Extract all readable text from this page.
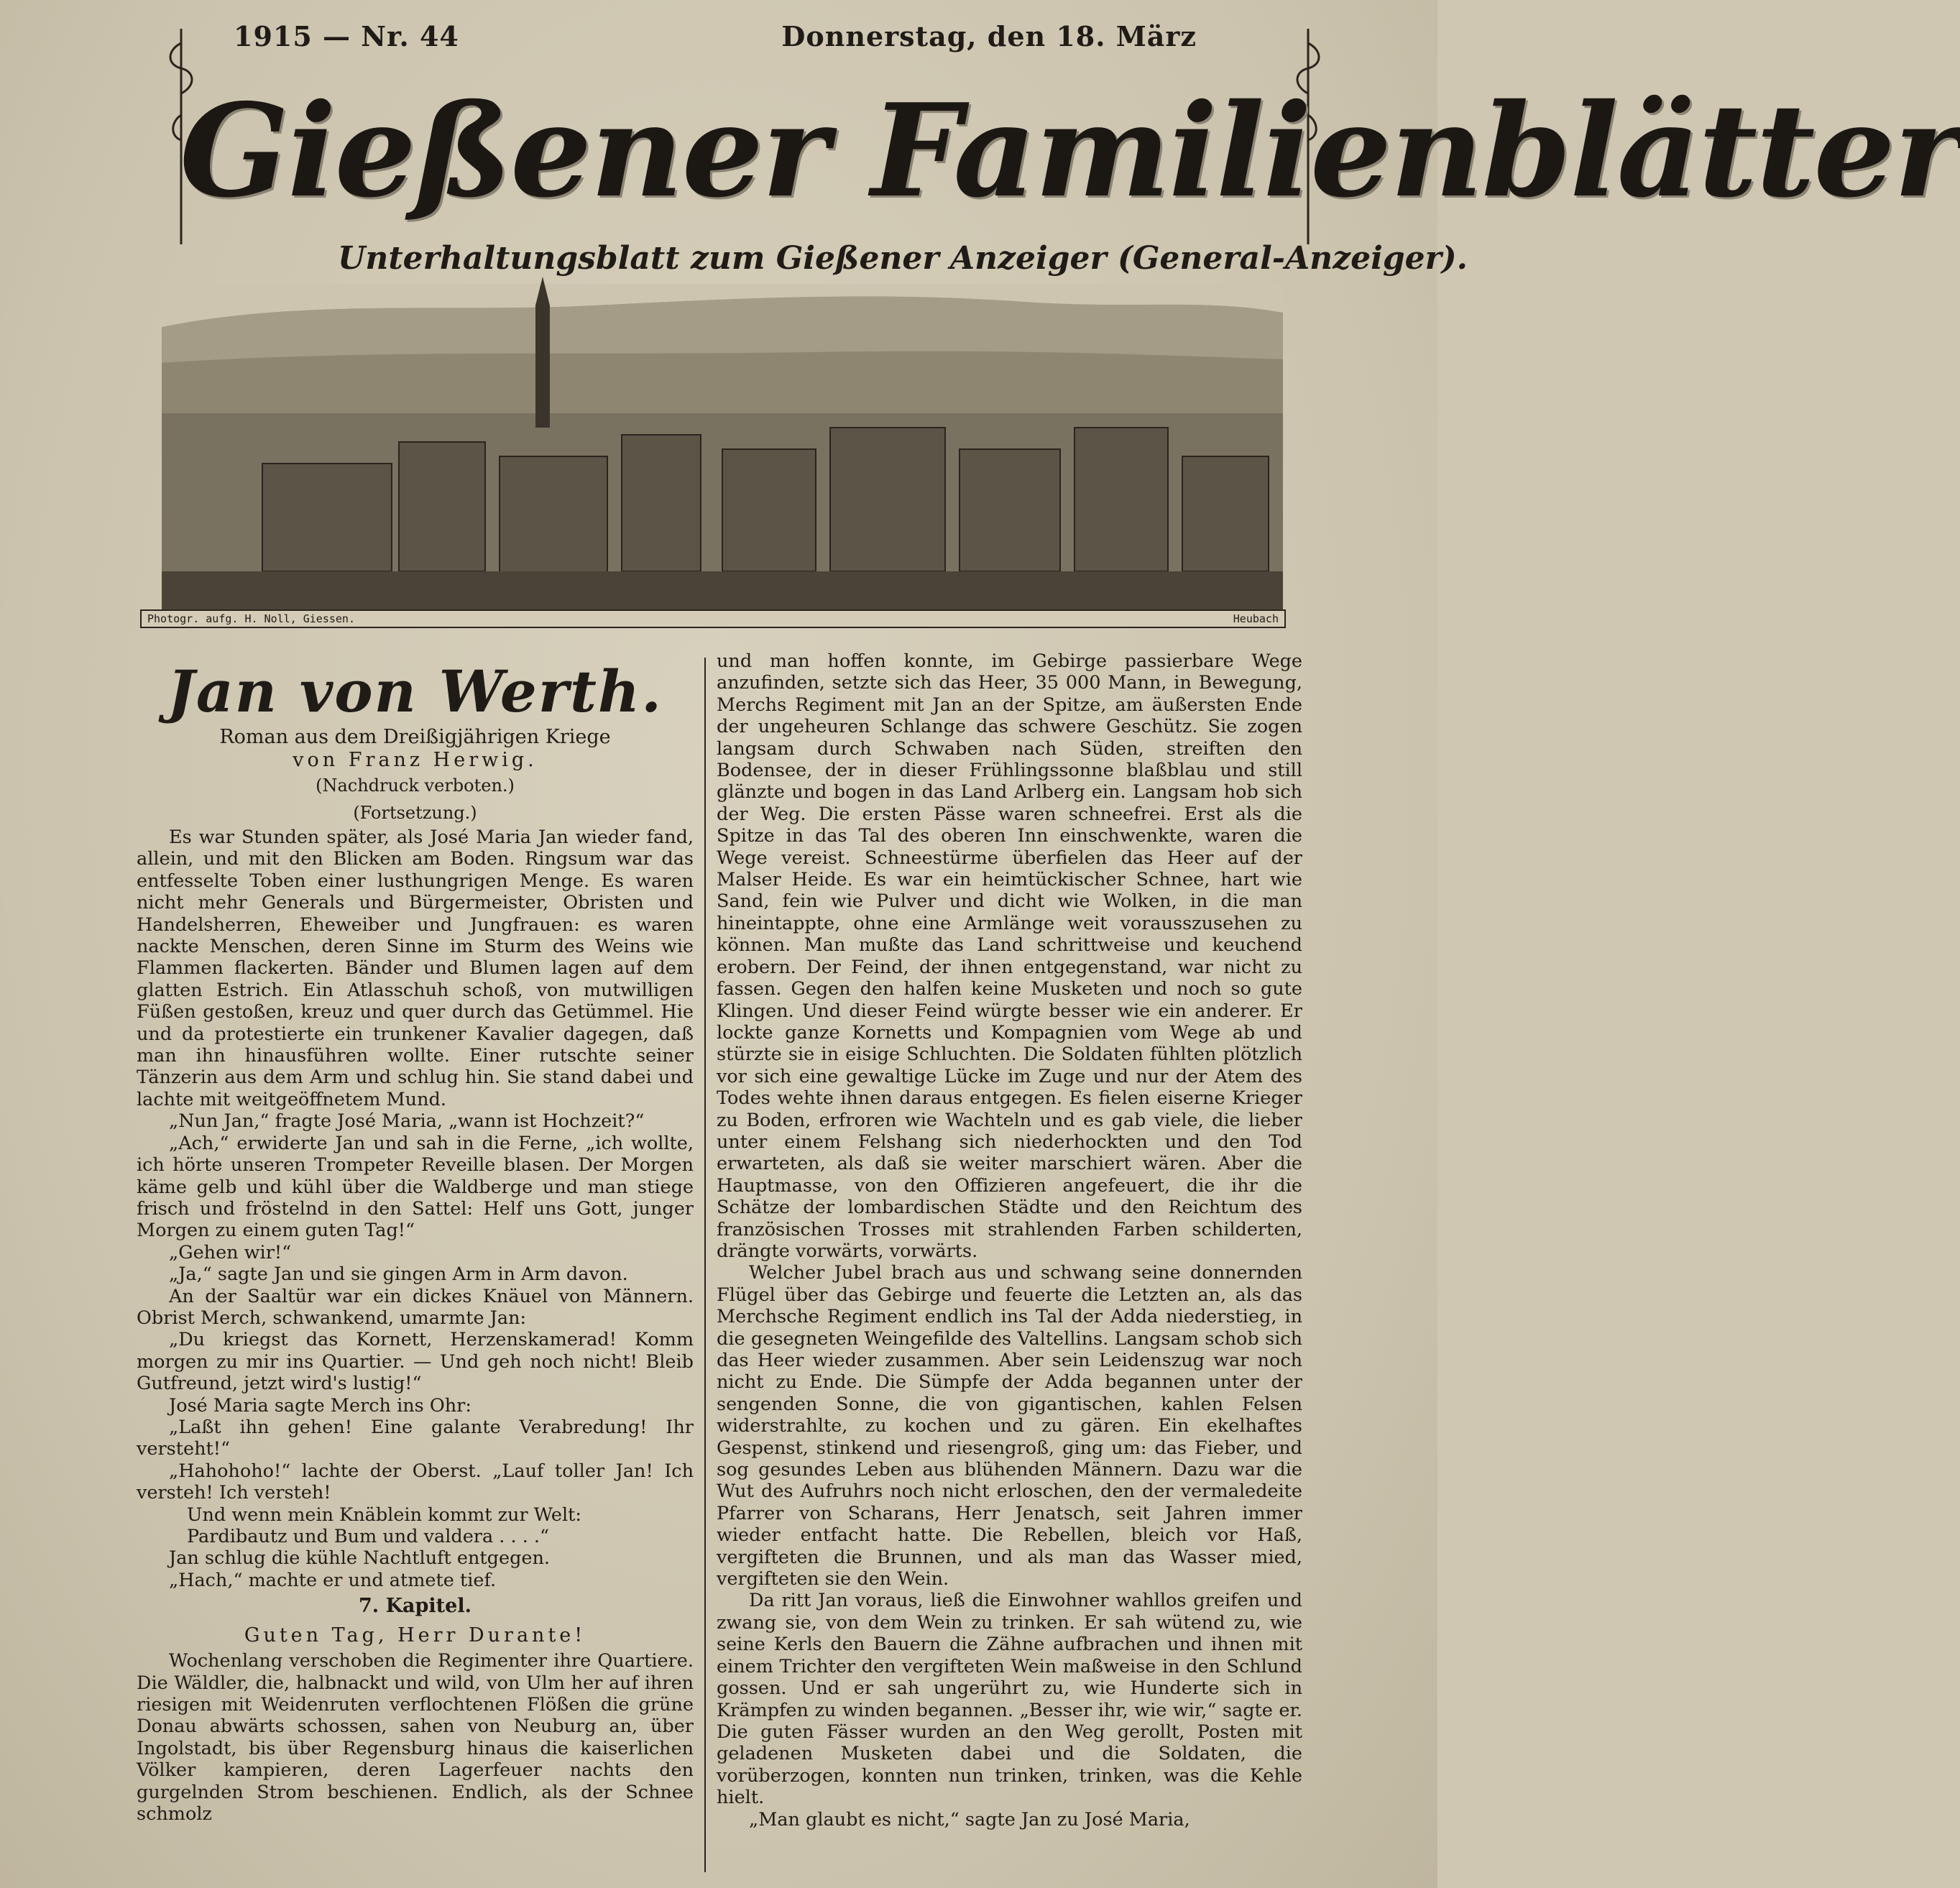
1915 — Nr. 44	Donnerstag, den 18. März
Gießener Familienblätter
Unterhaltungsblatt zum Gießener Anzeiger (General-Anzeiger).
Photogr. aufg. H. Noll, Giessen.	Heubach
Jan von Werth.
Roman aus dem Dreißigjährigen Kriege
von Franz Herwig.
(Nachdruck verboten.)
(Fortsetzung.)

Es war Stunden später, als José Maria Jan wieder fand, allein, und mit den Blicken am Boden. Ringsum war das entfesselte Toben einer lusthungrigen Menge. Es waren nicht mehr Generals und Bürgermeister, Obristen und Handelsherren, Eheweiber und Jungfrauen: es waren nackte Menschen, deren Sinne im Sturm des Weins wie Flammen flackerten. Bänder und Blumen lagen auf dem glatten Estrich. Ein Atlasschuh schoß, von mutwilligen Füßen gestoßen, kreuz und quer durch das Getümmel. Hie und da protestierte ein trunkener Kavalier dagegen, daß man ihn hinausführen wollte. Einer rutschte seiner Tänzerin aus dem Arm und schlug hin. Sie stand dabei und lachte mit weitgeöffnetem Mund.

„Nun Jan,“ fragte José Maria, „wann ist Hochzeit?“

„Ach,“ erwiderte Jan und sah in die Ferne, „ich wollte, ich hörte unseren Trompeter Reveille blasen. Der Morgen käme gelb und kühl über die Waldberge und man stiege frisch und fröstelnd in den Sattel: Helf uns Gott, junger Morgen zu einem guten Tag!“

„Gehen wir!“

„Ja,“ sagte Jan und sie gingen Arm in Arm davon.

An der Saaltür war ein dickes Knäuel von Männern. Obrist Merch, schwankend, umarmte Jan:

„Du kriegst das Kornett, Herzenskamerad! Komm morgen zu mir ins Quartier. — Und geh noch nicht! Bleib Gutfreund, jetzt wird's lustig!“

José Maria sagte Merch ins Ohr:

„Laßt ihn gehen! Eine galante Verabredung! Ihr versteht!“

„Hahohoho!“ lachte der Oberst. „Lauf toller Jan! Ich versteh! Ich versteh!

Und wenn mein Knäblein kommt zur Welt:

Pardibautz und Bum und valdera . . . .“

Jan schlug die kühle Nachtluft entgegen.

„Hach,“ machte er und atmete tief.

7. Kapitel.
Guten Tag, Herr Durante!

Wochenlang verschoben die Regimenter ihre Quartiere. Die Wäldler, die, halbnackt und wild, von Ulm her auf ihren riesigen mit Weidenruten verflochtenen Flößen die grüne Donau abwärts schossen, sahen von Neuburg an, über Ingolstadt, bis über Regensburg hinaus die kaiserlichen Völker kampieren, deren Lagerfeuer nachts den gurgelnden Strom beschienen. Endlich, als der Schnee schmolz

und man hoffen konnte, im Gebirge passierbare Wege anzufinden, setzte sich das Heer, 35 000 Mann, in Bewegung, Merchs Regiment mit Jan an der Spitze, am äußersten Ende der ungeheuren Schlange das schwere Geschütz. Sie zogen langsam durch Schwaben nach Süden, streiften den Bodensee, der in dieser Frühlingssonne blaßblau und still glänzte und bogen in das Land Arlberg ein. Langsam hob sich der Weg. Die ersten Pässe waren schneefrei. Erst als die Spitze in das Tal des oberen Inn einschwenkte, waren die Wege vereist. Schneestürme überfielen das Heer auf der Malser Heide. Es war ein heimtückischer Schnee, hart wie Sand, fein wie Pulver und dicht wie Wolken, in die man hineintappte, ohne eine Armlänge weit vorausszusehen zu können. Man mußte das Land schrittweise und keuchend erobern. Der Feind, der ihnen entgegenstand, war nicht zu fassen. Gegen den halfen keine Musketen und noch so gute Klingen. Und dieser Feind würgte besser wie ein anderer. Er lockte ganze Kornetts und Kompagnien vom Wege ab und stürzte sie in eisige Schluchten. Die Soldaten fühlten plötzlich vor sich eine gewaltige Lücke im Zuge und nur der Atem des Todes wehte ihnen daraus entgegen. Es fielen eiserne Krieger zu Boden, erfroren wie Wachteln und es gab viele, die lieber unter einem Felshang sich niederhockten und den Tod erwarteten, als daß sie weiter marschiert wären. Aber die Hauptmasse, von den Offizieren angefeuert, die ihr die Schätze der lombardischen Städte und den Reichtum des französischen Trosses mit strahlenden Farben schilderten, drängte vorwärts, vorwärts.

Welcher Jubel brach aus und schwang seine donnernden Flügel über das Gebirge und feuerte die Letzten an, als das Merchsche Regiment endlich ins Tal der Adda niederstieg, in die gesegneten Weingefilde des Valtellins. Langsam schob sich das Heer wieder zusammen. Aber sein Leidenszug war noch nicht zu Ende. Die Sümpfe der Adda begannen unter der sengenden Sonne, die von gigantischen, kahlen Felsen widerstrahlte, zu kochen und zu gären. Ein ekelhaftes Gespenst, stinkend und riesengroß, ging um: das Fieber, und sog gesundes Leben aus blühenden Männern. Dazu war die Wut des Aufruhrs noch nicht erloschen, den der vermaledeite Pfarrer von Scharans, Herr Jenatsch, seit Jahren immer wieder entfacht hatte. Die Rebellen, bleich vor Haß, vergifteten die Brunnen, und als man das Wasser mied, vergifteten sie den Wein.

Da ritt Jan voraus, ließ die Einwohner wahllos greifen und zwang sie, von dem Wein zu trinken. Er sah wütend zu, wie seine Kerls den Bauern die Zähne aufbrachen und ihnen mit einem Trichter den vergifteten Wein maßweise in den Schlund gossen. Und er sah ungerührt zu, wie Hunderte sich in Krämpfen zu winden begannen. „Besser ihr, wie wir,“ sagte er. Die guten Fässer wurden an den Weg gerollt, Posten mit geladenen Musketen dabei und die Soldaten, die vorüberzogen, konnten nun trinken, trinken, was die Kehle hielt.

„Man glaubt es nicht,“ sagte Jan zu José Maria,
